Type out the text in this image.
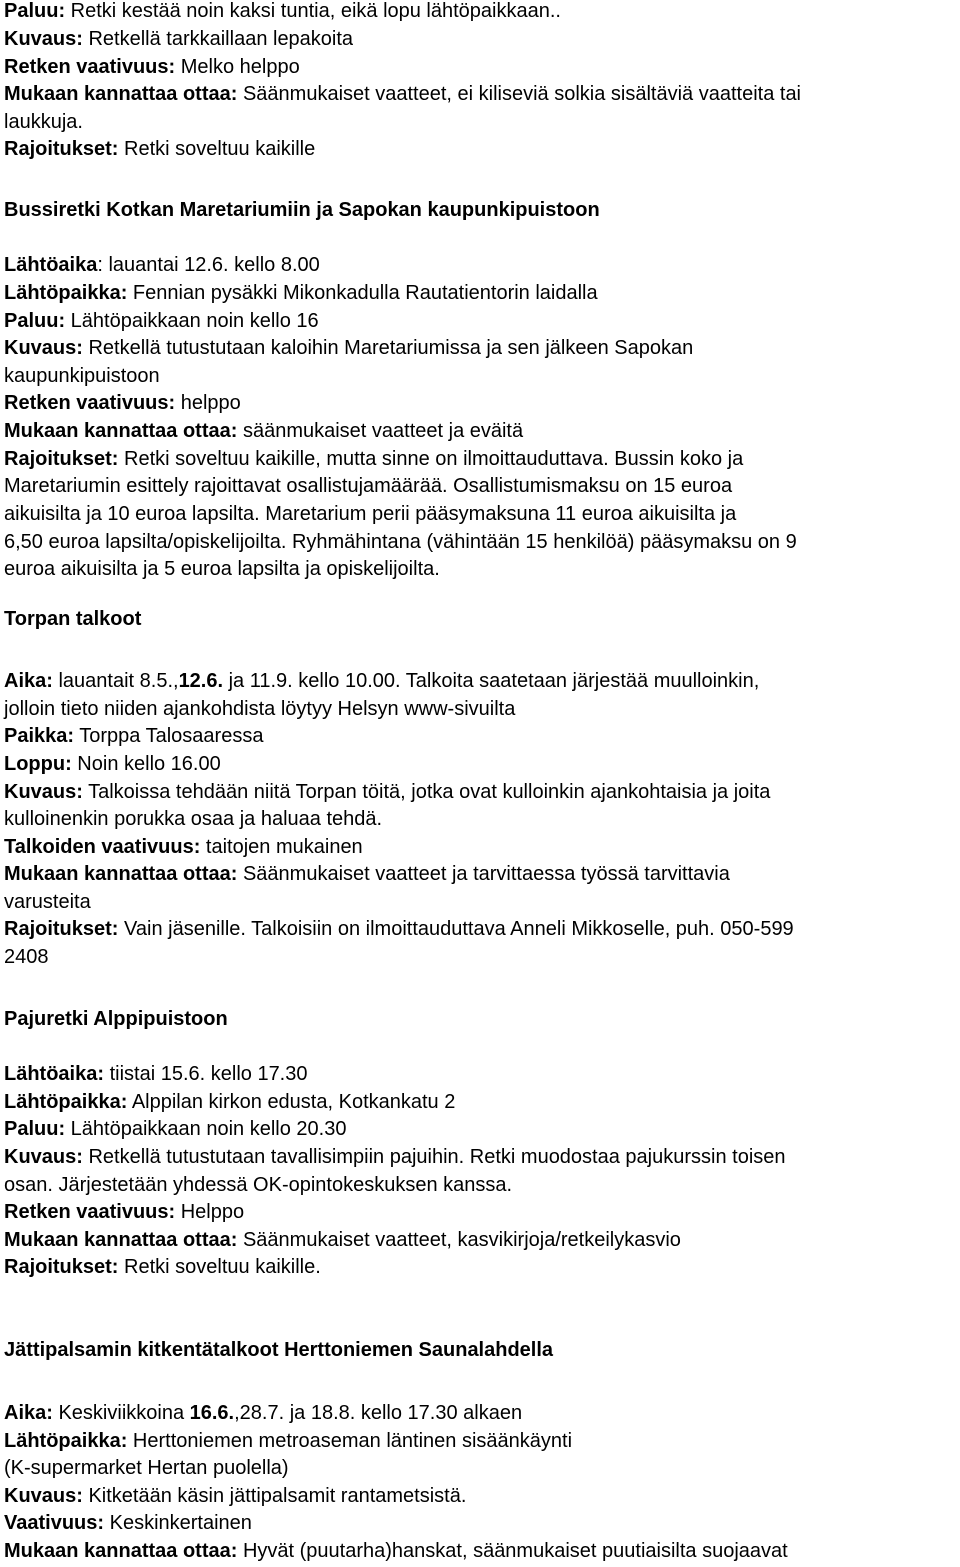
Paluu: Retki kestää noin kaksi tuntia, eikä lopu lähtöpaikkaan..
Kuvaus: Retkellä tarkkaillaan lepakoita
Retken vaativuus: Melko helppo
Mukaan kannattaa ottaa: Säänmukaiset vaatteet, ei kiliseviä solkia sisältäviä vaatteita tai
laukkuja.
Rajoitukset: Retki soveltuu kaikille
Bussiretki Kotkan Maretariumiin ja Sapokan kaupunkipuistoon
Lähtöaika: lauantai 12.6. kello 8.00
Lähtöpaikka: Fennian pysäkki Mikonkadulla Rautatientorin laidalla
Paluu: Lähtöpaikkaan noin kello 16
Kuvaus: Retkellä tutustutaan kaloihin Maretariumissa ja sen jälkeen Sapokan
kaupunkipuistoon
Retken vaativuus: helppo
Mukaan kannattaa ottaa: säänmukaiset vaatteet ja eväitä
Rajoitukset: Retki soveltuu kaikille, mutta sinne on ilmoittauduttava. Bussin koko ja
Maretariumin esittely rajoittavat osallistujamäärää. Osallistumismaksu on 15 euroa
aikuisilta ja 10 euroa lapsilta. Maretarium perii pääsymaksuna 11 euroa aikuisilta ja
6,50 euroa lapsilta/opiskelijoilta. Ryhmähintana (vähintään 15 henkilöä) pääsymaksu on 9
euroa aikuisilta ja 5 euroa lapsilta ja opiskelijoilta.
Torpan talkoot
Aika: lauantait 8.5.,12.6. ja 11.9. kello 10.00. Talkoita saatetaan järjestää muulloinkin,
jolloin tieto niiden ajankohdista löytyy Helsyn www-sivuilta
Paikka: Torppa Talosaaressa
Loppu: Noin kello 16.00
Kuvaus: Talkoissa tehdään niitä Torpan töitä, jotka ovat kulloinkin ajankohtaisia ja joita
kulloinenkin porukka osaa ja haluaa tehdä.
Talkoiden vaativuus: taitojen mukainen
Mukaan kannattaa ottaa: Säänmukaiset vaatteet ja tarvittaessa työssä tarvittavia
varusteita
Rajoitukset: Vain jäsenille. Talkoisiin on ilmoittauduttava Anneli Mikkoselle, puh. 050-599
2408
Pajuretki Alppipuistoon
Lähtöaika: tiistai 15.6. kello 17.30
Lähtöpaikka: Alppilan kirkon edusta, Kotkankatu 2
Paluu: Lähtöpaikkaan noin kello 20.30
Kuvaus: Retkellä tutustutaan tavallisimpiin pajuihin. Retki muodostaa pajukurssin toisen
osan. Järjestetään yhdessä OK-opintokeskuksen kanssa.
Retken vaativuus: Helppo
Mukaan kannattaa ottaa: Säänmukaiset vaatteet, kasvikirjoja/retkeilykasvio
Rajoitukset: Retki soveltuu kaikille.
Jättipalsamin kitkentätalkoot Herttoniemen Saunalahdella
Aika: Keskiviikkoina 16.6.,28.7. ja 18.8. kello 17.30 alkaen
Lähtöpaikka: Herttoniemen metroaseman läntinen sisäänkäynti
(K-supermarket Hertan puolella)
Kuvaus: Kitketään käsin jättipalsamit rantametsistä.
Vaativuus: Keskinkertainen
Mukaan kannattaa ottaa: Hyvät (puutarha)hanskat, säänmukaiset puutiaisilta suojaavat
